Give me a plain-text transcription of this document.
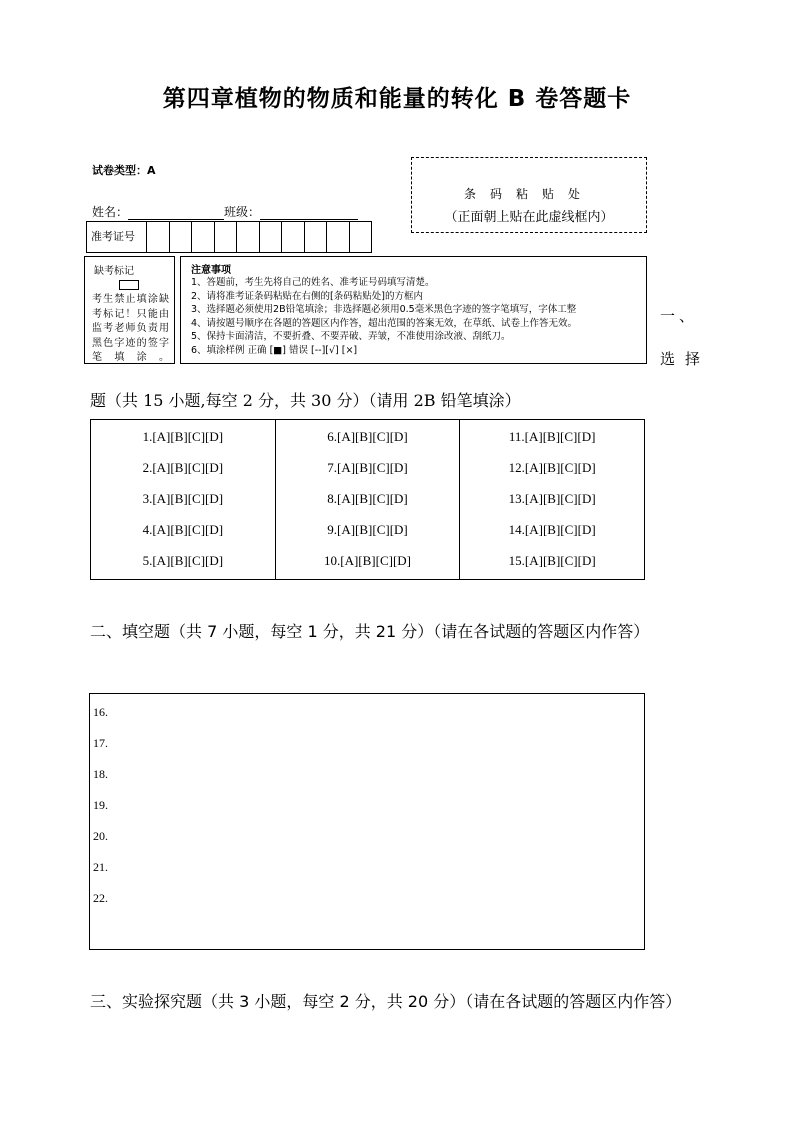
第四章植物的物质和能量的转化 B 卷答题卡
试卷类型：A
姓名：	班级：
条码粘贴处
（正面朝上贴在此虚线框内）
准考证号
缺考标记
考生禁止填涂缺考标记！只能由监考老师负责用黑色字迹的签字笔填涂。
注意事项
1、答题前，考生先将自己的姓名、准考证号码填写清楚。
2、请将准考证条码粘贴在右侧的[条码粘贴处]的方框内
3、选择题必须使用2B铅笔填涂；非选择题必须用0.5毫米黑色字迹的签字笔填写，字体工整
4、请按题号顺序在各题的答题区内作答，超出范围的答案无效，在草纸、试卷上作答无效。
5、保持卡面清洁，不要折叠、不要弄破、弄皱，不准使用涂改液、刮纸刀。
6、填涂样例 正确 [■] 错误 [--][√] [×]
一、
选择
题（共 15 小题,每空 2 分，共 30 分）（请用 2B 铅笔填涂）
1.[A][B][C][D]
2.[A][B][C][D]
3.[A][B][C][D]
4.[A][B][C][D]
5.[A][B][C][D]
6.[A][B][C][D]
7.[A][B][C][D]
8.[A][B][C][D]
9.[A][B][C][D]
10.[A][B][C][D]
11.[A][B][C][D]
12.[A][B][C][D]
13.[A][B][C][D]
14.[A][B][C][D]
15.[A][B][C][D]
二、填空题（共 7 小题，每空 1 分，共 21 分）（请在各试题的答题区内作答）
16.
17.
18.
19.
20.
21.
22.
三、实验探究题（共 3 小题，每空 2 分，共 20 分）（请在各试题的答题区内作答）
